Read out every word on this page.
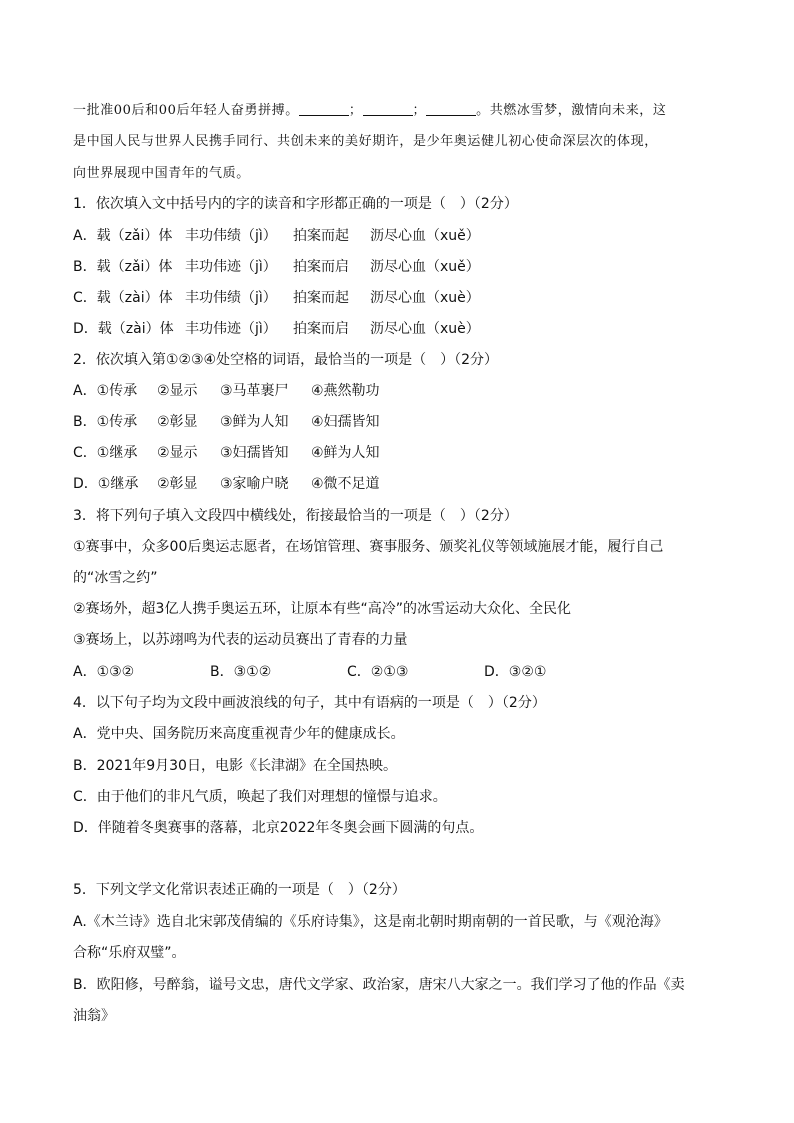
一批准00后和00后年轻人奋勇拼搏。	；	；	。共燃冰雪梦，激情向未来，这
是中国人民与世界人民携手同行、共创未来的美好期许，是少年奥运健儿初心使命深层次的体现，
向世界展现中国青年的气质。
1．依次填入文中括号内的字的读音和字形都正确的一项是（　）（2分）
A．载（zǎi）体 丰功伟绩（jì） 拍案而起 沥尽心血（xuě）
B．载（zǎi）体 丰功伟迹（jì） 拍案而启 沥尽心血（xuě）
C．载（zài）体 丰功伟绩（jì） 拍案而起 沥尽心血（xuè）
D．载（zài）体 丰功伟迹（jì） 拍案而启 沥尽心血（xuè）
2．依次填入第①②③④处空格的词语，最恰当的一项是（　）（2分）
A．①传承 ②显示 ③马革裹尸 ④燕然勒功
B．①传承 ②彰显 ③鲜为人知 ④妇孺皆知
C．①继承 ②显示 ③妇孺皆知 ④鲜为人知
D．①继承 ②彰显 ③家喻户晓 ④微不足道
3．将下列句子填入文段四中横线处，衔接最恰当的一项是（　）（2分）
①赛事中，众多00后奥运志愿者，在场馆管理、赛事服务、颁奖礼仪等领域施展才能，履行自己
的“冰雪之约”
②赛场外，超3亿人携手奥运五环，让原本有些“高冷”的冰雪运动大众化、全民化
③赛场上，以苏翊鸣为代表的运动员赛出了青春的力量
A．①③②	B．③①②	C．②①③	D．③②①
4．以下句子均为文段中画波浪线的句子，其中有语病的一项是（　）（2分）
A．党中央、国务院历来高度重视青少年的健康成长。
B．2021年9月30日，电影《长津湖》在全国热映。
C．由于他们的非凡气质，唤起了我们对理想的憧憬与追求。
D．伴随着冬奥赛事的落幕，北京2022年冬奥会画下圆满的句点。
5．下列文学文化常识表述正确的一项是（　）（2分）
A.《木兰诗》选自北宋郭茂倩编的《乐府诗集》，这是南北朝时期南朝的一首民歌，与《观沧海》
合称“乐府双璧”。
B．欧阳修，号醉翁，谥号文忠，唐代文学家、政治家，唐宋八大家之一。我们学习了他的作品《卖
油翁》
